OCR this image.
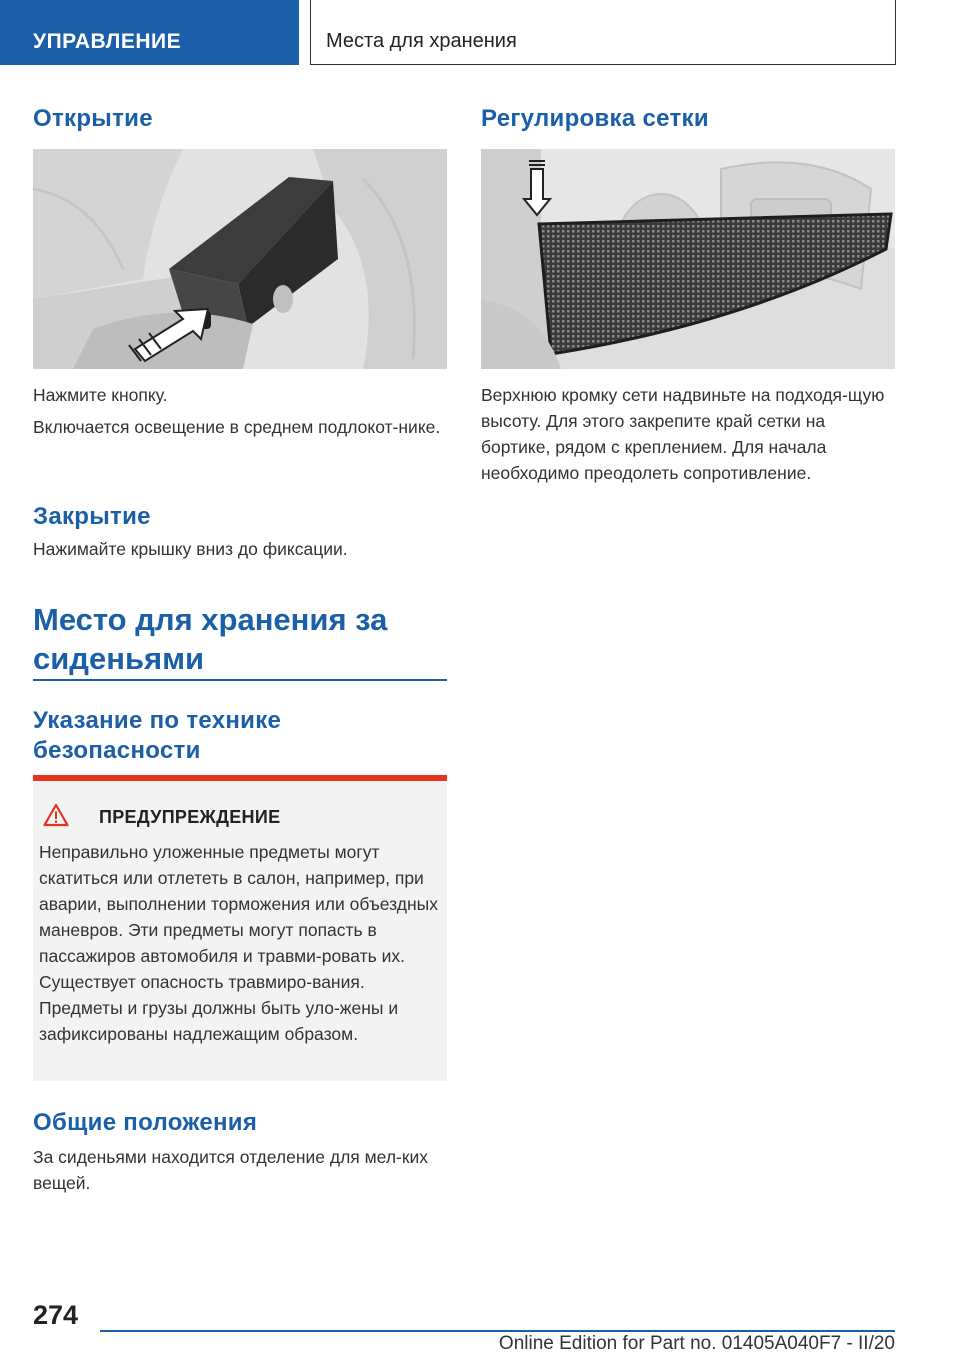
УПРАВЛЕНИЕ	Места для хранения
Открытие
Нажмите кнопку.
Включается освещение в среднем подлокот‐нике.
Закрытие
Нажимайте крышку вниз до фиксации.
Место для хранения за сиденьями
Указание по технике безопасности
ПРЕДУПРЕЖДЕНИЕ
Неправильно уложенные предметы могут скатиться или отлететь в салон, например, при аварии, выполнении торможения или объездных маневров. Эти предметы могут попасть в пассажиров автомобиля и травми‐ровать их. Существует опасность травмиро‐вания. Предметы и грузы должны быть уло‐жены и зафиксированы надлежащим образом.
Общие положения
За сиденьями находится отделение для мел‐ких вещей.
Регулировка сетки
Верхнюю кромку сети надвиньте на подходя‐щую высоту. Для этого закрепите край сетки на бортике, рядом с креплением. Для начала необходимо преодолеть сопротивление.
274
Online Edition for Part no. 01405A040F7 - II/20
